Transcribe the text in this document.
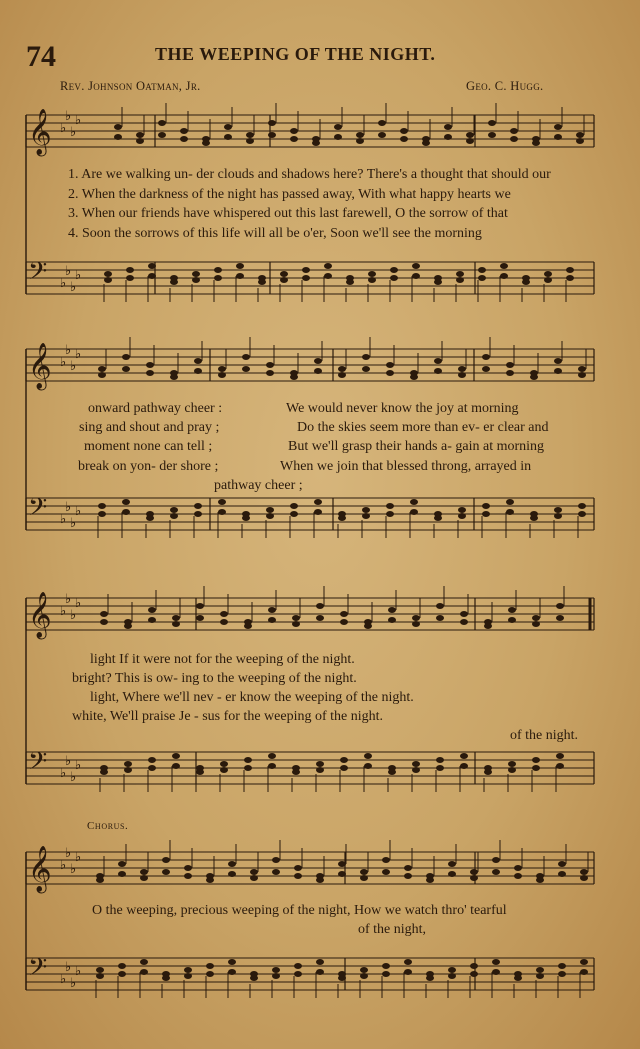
74	THE WEEPING OF THE NIGHT.
Rev. Johnson Oatman, Jr.	Geo. C. Hugg.
𝄞 ♭
♭
♭
♭
𝄢 ♭
♭
♭
♭
𝄞 ♭
♭
♭
♭
𝄢 ♭
♭
♭
♭
𝄞 ♭
♭
♭
♭
𝄢 ♭
♭
♭
♭
𝄞 ♭
♭
♭
♭
𝄢 ♭
♭
♭
♭
1. Are we walking un- der clouds and shadows here? There's a thought that should our
2. When the darkness of the night has passed away, With what happy hearts we
3. When our friends have whispered out this last farewell, O the sorrow of that
4. Soon the sorrows of this life will all be o'er, Soon we'll see the morning
onward pathway cheer :
sing and shout and pray ;
moment none can tell ;
break on yon- der shore ;
We would never know the joy at morning
Do the skies seem more than ev- er clear and
But we'll grasp their hands a- gain at morning
When we join that blessed throng, arrayed in
pathway cheer ;
light If it were not for the weeping of the night.
bright? This is ow- ing to the weeping of the night.
light, Where we'll nev - er know the weeping of the night.
white, We'll praise Je - sus for the weeping of the night.
of the night.
Chorus.
O the weeping, precious weeping of the night, How we watch thro' tearful
of the night,
